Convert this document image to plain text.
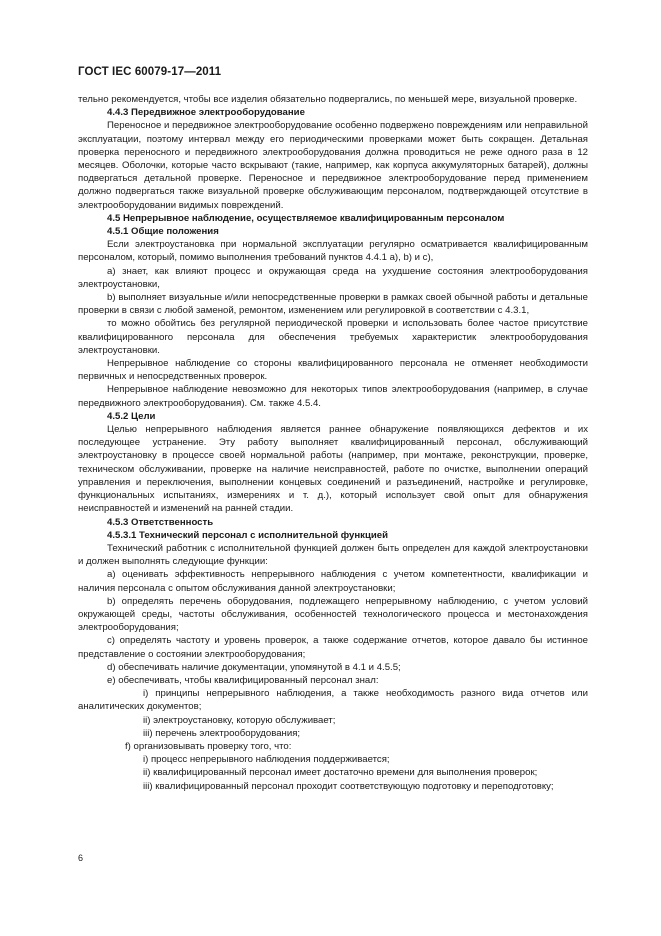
ГОСТ IEC 60079-17—2011

тельно рекомендуется, чтобы все изделия обязательно подвергались, по меньшей мере, визуальной проверке.

4.4.3 Передвижное электрооборудование

Переносное и передвижное электрооборудование особенно подвержено повреждениям или неправильной эксплуатации, поэтому интервал между его периодическими проверками может быть сокращен. Детальная проверка переносного и передвижного электрооборудования должна проводиться не реже одного раза в 12 месяцев. Оболочки, которые часто вскрывают (такие, например, как корпуса аккумуляторных батарей), должны подвергаться детальной проверке. Переносное и передвижное электрооборудование перед применением должно подвергаться также визуальной проверке обслуживающим персоналом, подтверждающей отсутствие в электрооборудовании видимых повреждений.

4.5 Непрерывное наблюдение, осуществляемое квалифицированным персоналом

4.5.1 Общие положения

Если электроустановка при нормальной эксплуатации регулярно осматривается квалифицированным персоналом, который, помимо выполнения требований пунктов 4.4.1 а), b) и с),

а) знает, как влияют процесс и окружающая среда на ухудшение состояния электрооборудования электроустановки,

b) выполняет визуальные и/или непосредственные проверки в рамках своей обычной работы и детальные проверки в связи с любой заменой, ремонтом, изменением или регулировкой в соответствии с 4.3.1,

то можно обойтись без регулярной периодической проверки и использовать более частое присутствие квалифицированного персонала для обеспечения требуемых характеристик электрооборудования электроустановки.

Непрерывное наблюдение со стороны квалифицированного персонала не отменяет необходимости первичных и непосредственных проверок.

Непрерывное наблюдение невозможно для некоторых типов электрооборудования (например, в случае передвижного электрооборудования). См. также 4.5.4.

4.5.2 Цели

Целью непрерывного наблюдения является раннее обнаружение появляющихся дефектов и их последующее устранение. Эту работу выполняет квалифицированный персонал, обслуживающий электроустановку в процессе своей нормальной работы (например, при монтаже, реконструкции, проверке, техническом обслуживании, проверке на наличие неисправностей, работе по очистке, выполнении операций управления и переключения, выполнении концевых соединений и разъединений, настройке и регулировке, функциональных испытаниях, измерениях и т. д.), который использует свой опыт для обнаружения неисправностей и изменений на ранней стадии.

4.5.3 Ответственность

4.5.3.1 Технический персонал с исполнительной функцией

Технический работник с исполнительной функцией должен быть определен для каждой электроустановки и должен выполнять следующие функции:

а) оценивать эффективность непрерывного наблюдения с учетом компетентности, квалификации и наличия персонала с опытом обслуживания данной электроустановки;

b) определять перечень оборудования, подлежащего непрерывному наблюдению, с учетом условий окружающей среды, частоты обслуживания, особенностей технологического процесса и местонахождения электрооборудования;

с) определять частоту и уровень проверок, а также содержание отчетов, которое давало бы истинное представление о состоянии электрооборудования;

d) обеспечивать наличие документации, упомянутой в 4.1 и 4.5.5;

е) обеспечивать, чтобы квалифицированный персонал знал:

i) принципы непрерывного наблюдения, а также необходимость разного вида отчетов или аналитических документов;

ii) электроустановку, которую обслуживает;

iii) перечень электрооборудования;

f) организовывать проверку того, что:

i) процесс непрерывного наблюдения поддерживается;

ii) квалифицированный персонал имеет достаточно времени для выполнения проверок;

iii) квалифицированный персонал проходит соответствующую подготовку и переподготовку;

6
